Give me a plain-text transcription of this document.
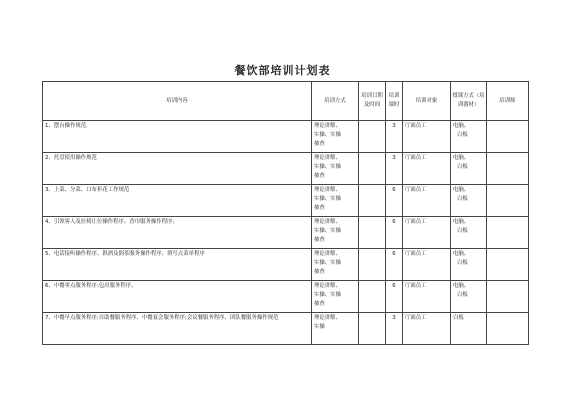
餐饮部培训计划表
培训内容	培训方式	培训日期及时间	培训课时	培训对象	授课方式（培训器材）	培训师
1、摆台操作规范.	理论讲解、
实操、实操
抽查		3	厅面员工	电脑、
白板	

2、托盘使用操作规范	理论讲解、
实操、实操
抽查		3	厅面员工	电脑、
白板	

3、上菜、分菜、口布折花工作规范	理论讲解、
实操、实操
抽查		6	厅面员工	电脑、
白板	

4、引领客人及拉椅让位操作程序、香巾服务操作程序;	理论讲解、
实操、实操
抽查		6	厅面员工	电脑、
白板	

5、电话接听操作程序、斟酒及倒茶服务操作程序、填写点菜单程序	理论讲解、
实操、实操
抽查		6	厅面员工	电脑、
白板	

6、中餐零点服务程序;包房服务程序、	理论讲解、
实操、实操
抽查		6	厅面员工	电脑、
白板	

7、中餐早点服务程序;自助餐服务程序、中餐宴会服务程序;会议餐服务程序、团队餐服务操作规范	理论讲解、
实操		3	厅面员工	白板	
